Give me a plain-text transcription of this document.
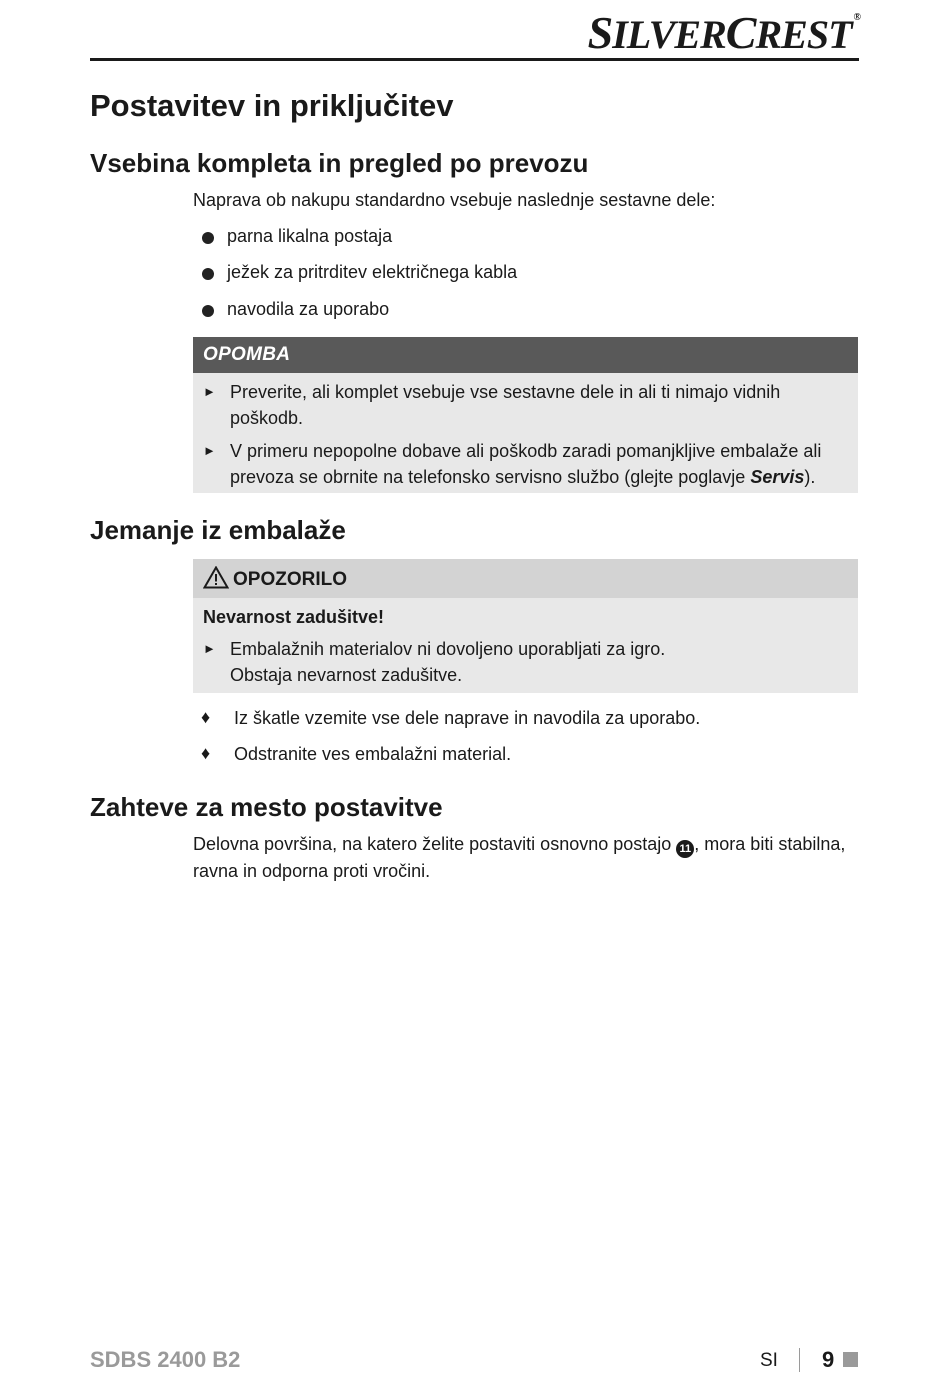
SILVERCREST ®
Postavitev in priključitev
Vsebina kompleta in pregled po prevozu

Naprava ob nakupu standardno vsebuje naslednje sestavne dele:

parna likalna postaja
ježek za pritrditev električnega kabla
navodila za uporabo
OPOMBA
► Preverite, ali komplet vsebuje vse sestavne dele in ali ti nimajo vidnih poškodb.
► V primeru nepopolne dobave ali poškodb zaradi pomanjkljive embalaže ali prevoza se obrnite na telefonsko servisno službo (glejte poglavje Servis).
Jemanje iz embalaže
OPOZORILO
Nevarnost zadušitve!
► Embalažnih materialov ni dovoljeno uporabljati za igro.
Obstaja nevarnost zadušitve.
♦ Iz škatle vzemite vse dele naprave in navodila za uporabo.
♦ Odstranite ves embalažni material.
Zahteve za mesto postavitve

Delovna površina, na katero želite postaviti osnovno postajo 11 , mora biti stabilna,
ravna in odporna proti vročini.

SDBS 2400 B2	SI 9
